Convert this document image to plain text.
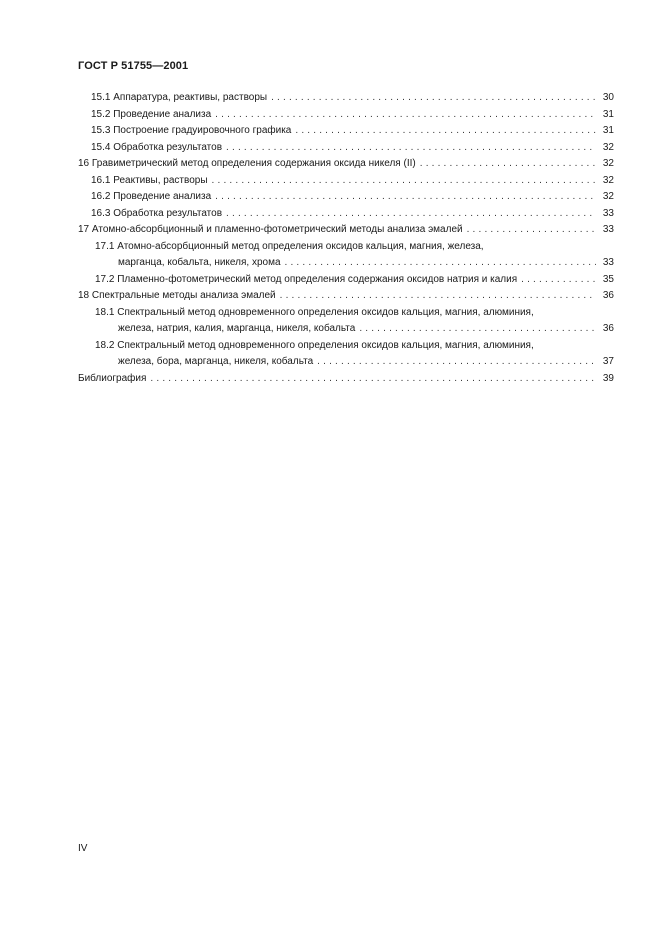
ГОСТ Р 51755—2001
15.1 Аппаратура, реактивы, растворы . . .	30
15.2 Проведение анализа . . .	31
15.3 Построение градуировочного графика . . .	31
15.4 Обработка результатов . . .	32
16 Гравиметрический метод определения содержания оксида никеля (II) . . .	32
16.1 Реактивы, растворы . . .	32
16.2 Проведение анализа . . .	32
16.3 Обработка результатов . . .	33
17 Атомно-абсорбционный и пламенно-фотометрический методы анализа эмалей . . .	33
17.1 Атомно-абсорбционный метод определения оксидов кальция, магния, железа,
марганца, кобальта, никеля, хрома . . .	33
17.2 Пламенно-фотометрический метод определения содержания оксидов натрия и калия . . .	35
18 Спектральные методы анализа эмалей . . .	36
18.1 Спектральный метод одновременного определения оксидов кальция, магния, алюминия,
железа, натрия, калия, марганца, никеля, кобальта . . .	36
18.2 Спектральный метод одновременного определения оксидов кальция, магния, алюминия,
железа, бора, марганца, никеля, кобальта . . .	37
Библиография . . .	39
IV
